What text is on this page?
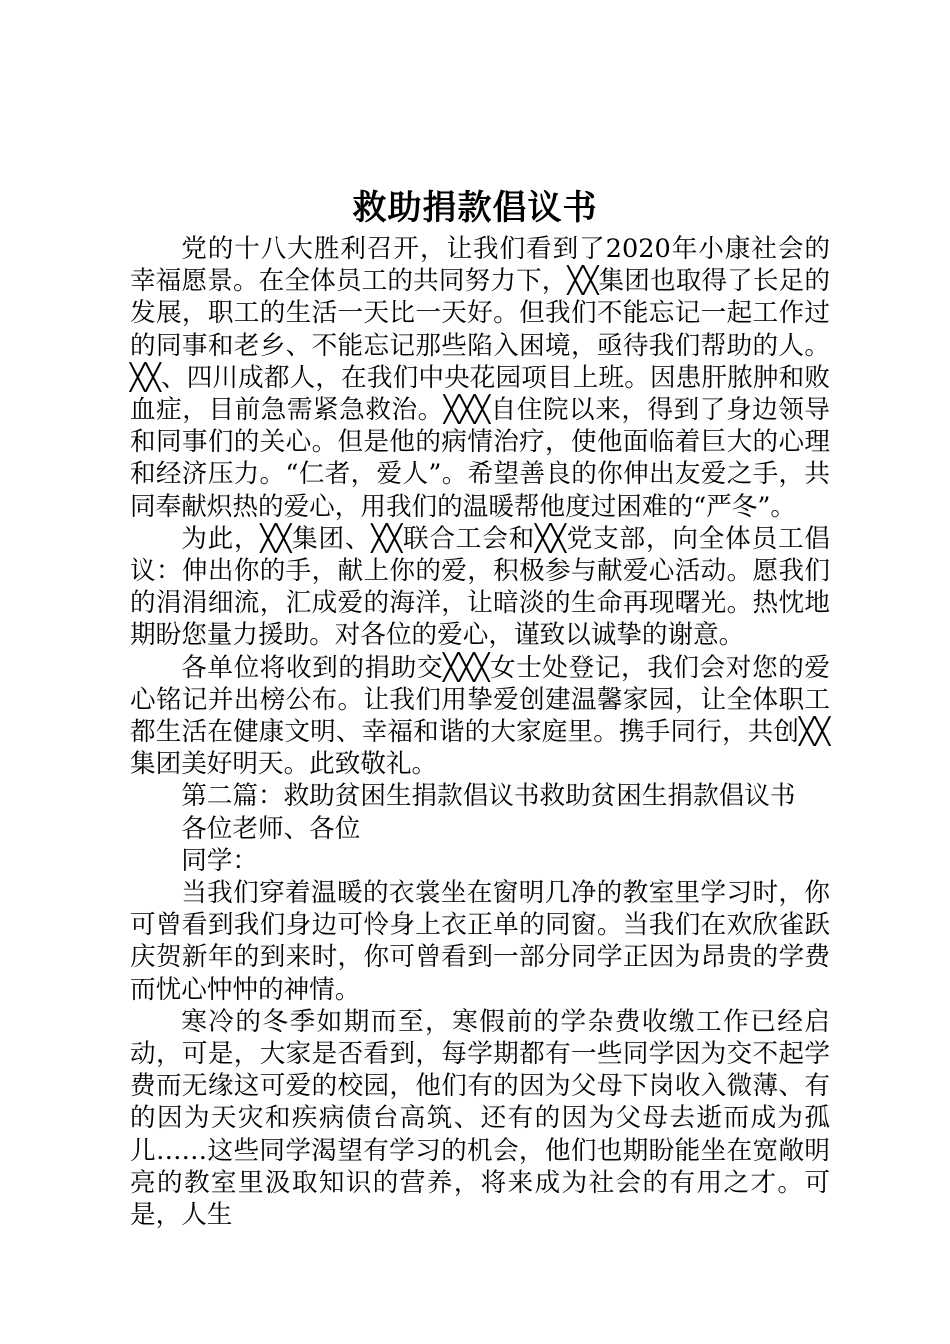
救助捐款倡议书

党的十八大胜利召开，让我们看到了2020年小康社会的幸福愿景。在全体员工的共同努力下，╳╳集团也取得了长足的发展，职工的生活一天比一天好。但我们不能忘记一起工作过的同事和老乡、不能忘记那些陷入困境，亟待我们帮助的人。╳╳、四川成都人，在我们中央花园项目上班。因患肝脓肿和败血症，目前急需紧急救治。╳╳╳自住院以来，得到了身边领导和同事们的关心。但是他的病情治疗，使他面临着巨大的心理和经济压力。“仁者，爱人”。希望善良的你伸出友爱之手，共同奉献炽热的爱心，用我们的温暖帮他度过困难的“严冬”。

为此，╳╳集团、╳╳联合工会和╳╳党支部，向全体员工倡议：伸出你的手，献上你的爱，积极参与献爱心活动。愿我们的涓涓细流，汇成爱的海洋，让暗淡的生命再现曙光。热忱地期盼您量力援助。对各位的爱心，谨致以诚挚的谢意。

各单位将收到的捐助交╳╳╳女士处登记，我们会对您的爱心铭记并出榜公布。让我们用挚爱创建温馨家园，让全体职工都生活在健康文明、幸福和谐的大家庭里。携手同行，共创╳╳集团美好明天。此致敬礼。

第二篇：救助贫困生捐款倡议书救助贫困生捐款倡议书

各位老师、各位

同学：

当我们穿着温暖的衣裳坐在窗明几净的教室里学习时，你可曾看到我们身边可怜身上衣正单的同窗。当我们在欢欣雀跃庆贺新年的到来时，你可曾看到一部分同学正因为昂贵的学费而忧心忡忡的神情。

寒冷的冬季如期而至，寒假前的学杂费收缴工作已经启动，可是，大家是否看到，每学期都有一些同学因为交不起学费而无缘这可爱的校园，他们有的因为父母下岗收入微薄、有的因为天灾和疾病债台高筑、还有的因为父母去逝而成为孤儿……这些同学渴望有学习的机会，他们也期盼能坐在宽敞明亮的教室里汲取知识的营养，将来成为社会的有用之才。可是，人生
